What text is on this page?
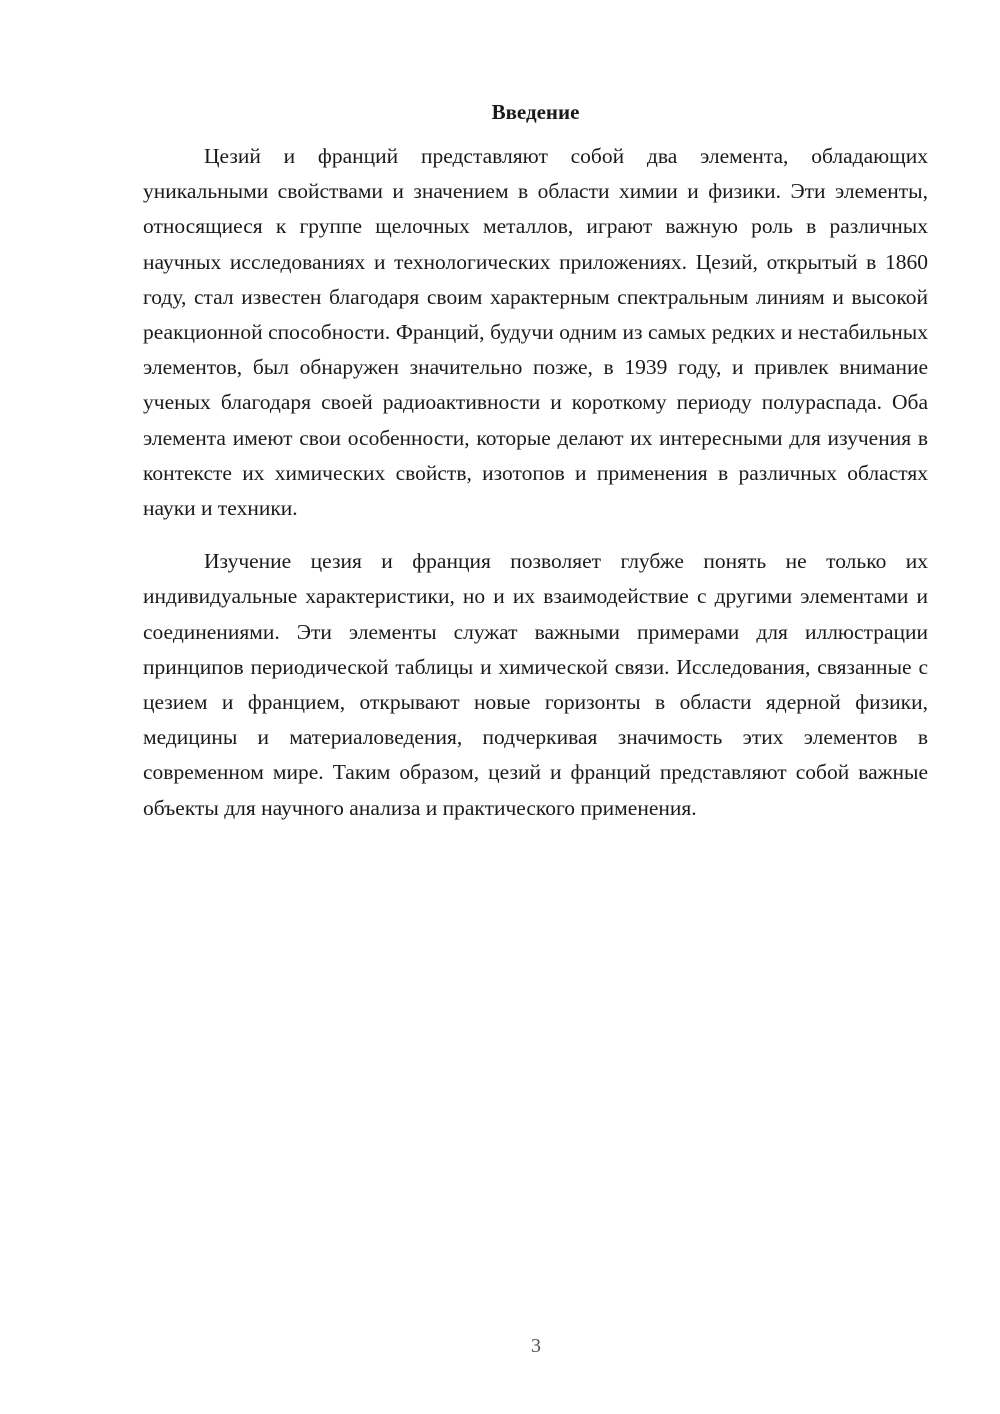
Введение

Цезий и франций представляют собой два элемента, обладающих уникальными свойствами и значением в области химии и физики. Эти элементы, относящиеся к группе щелочных металлов, играют важную роль в различных научных исследованиях и технологических приложениях. Цезий, открытый в 1860 году, стал известен благодаря своим характерным спектральным линиям и высокой реакционной способности. Франций, будучи одним из самых редких и нестабильных элементов, был обнаружен значительно позже, в 1939 году, и привлек внимание ученых благодаря своей радиоактивности и короткому периоду полураспада. Оба элемента имеют свои особенности, которые делают их интересными для изучения в контексте их химических свойств, изотопов и применения в различных областях науки и техники.

Изучение цезия и франция позволяет глубже понять не только их индивидуальные характеристики, но и их взаимодействие с другими элементами и соединениями. Эти элементы служат важными примерами для иллюстрации принципов периодической таблицы и химической связи. Исследования, связанные с цезием и францием, открывают новые горизонты в области ядерной физики, медицины и материаловедения, подчеркивая значимость этих элементов в современном мире. Таким образом, цезий и франций представляют собой важные объекты для научного анализа и практического применения.

3
